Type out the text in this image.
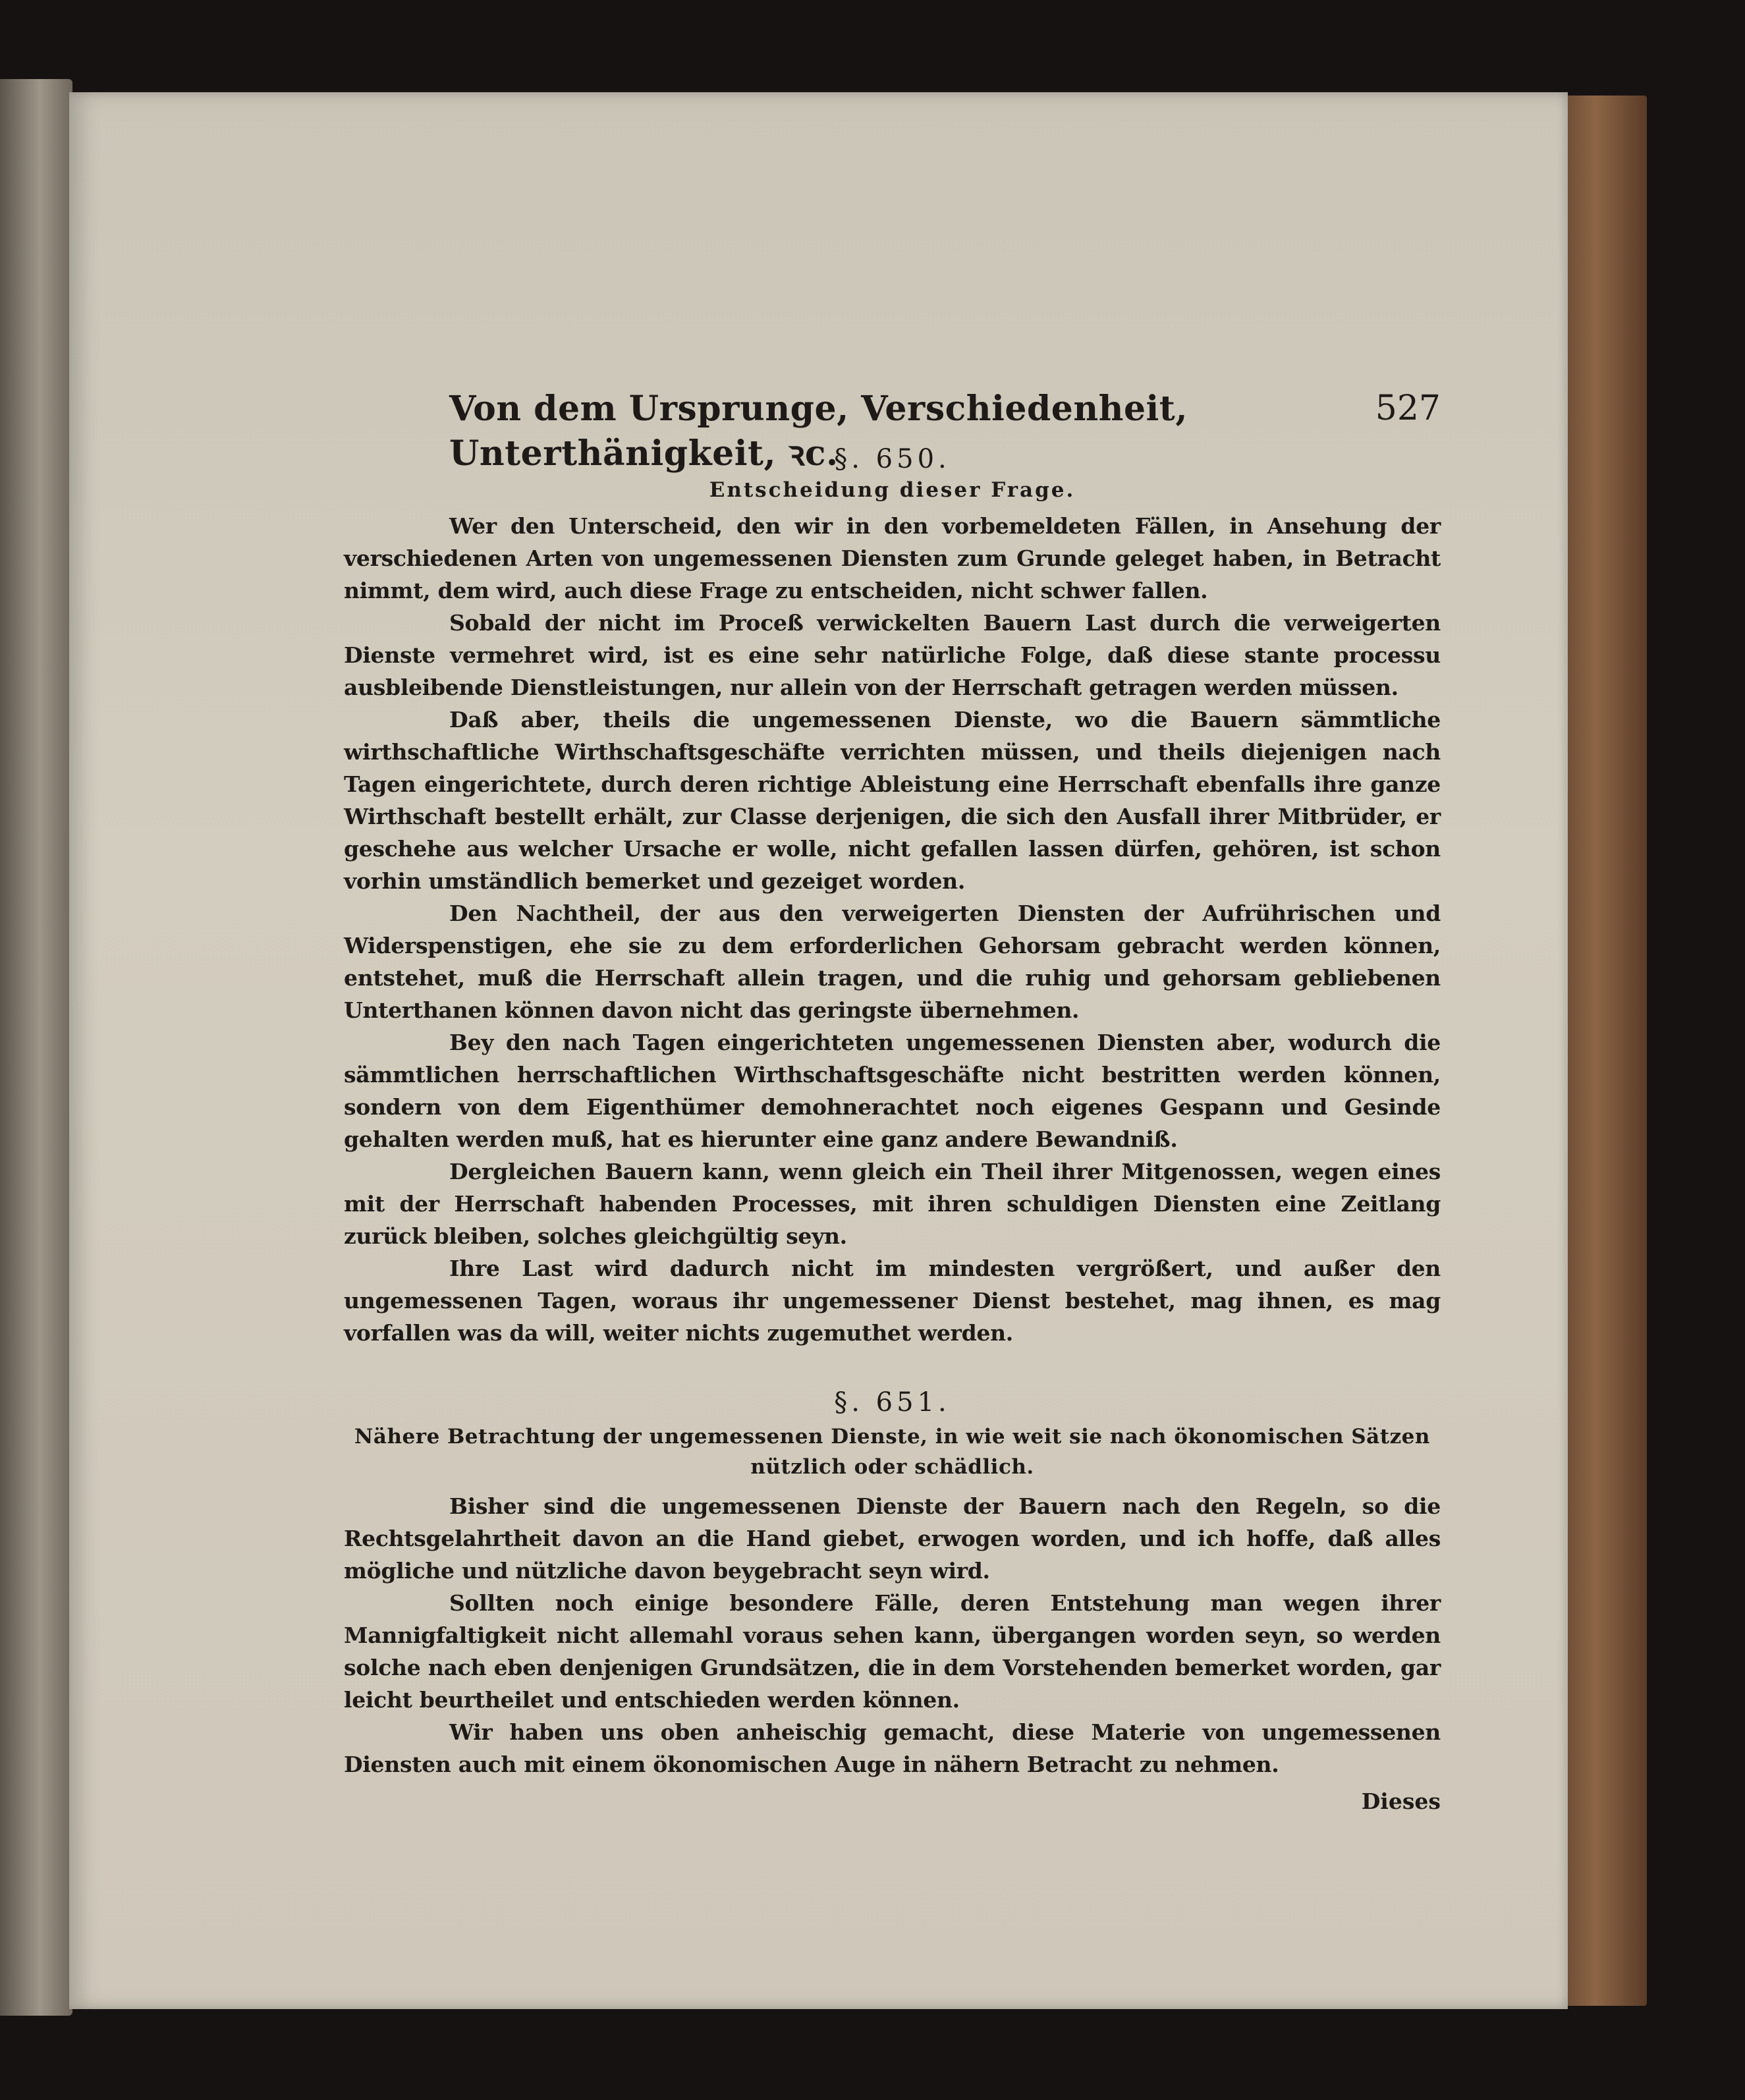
Von dem Ursprunge, Verschiedenheit, Unterthänigkeit, ꝛc.
527
§. 650.
Entscheidung dieser Frage.

Wer den Unterscheid, den wir in den vorbemeldeten Fällen, in Ansehung der verschiedenen Arten von ungemessenen Diensten zum Grunde geleget haben, in Betracht nimmt, dem wird, auch diese Frage zu entscheiden, nicht schwer fallen.

Sobald der nicht im Proceß verwickelten Bauern Last durch die verweigerten Dienste vermehret wird, ist es eine sehr natürliche Folge, daß diese stante processu ausbleibende Dienstleistungen, nur allein von der Herrschaft getragen werden müssen.

Daß aber, theils die ungemessenen Dienste, wo die Bauern sämmtliche wirthschaftliche Wirthschaftsgeschäfte verrichten müssen, und theils diejenigen nach Tagen eingerichtete, durch deren richtige Ableistung eine Herrschaft ebenfalls ihre ganze Wirthschaft bestellt erhält, zur Classe derjenigen, die sich den Ausfall ihrer Mitbrüder, er geschehe aus welcher Ursache er wolle, nicht gefallen lassen dürfen, gehören, ist schon vorhin umständlich bemerket und gezeiget worden.

Den Nachtheil, der aus den verweigerten Diensten der Aufrührischen und Widerspenstigen, ehe sie zu dem erforderlichen Gehorsam gebracht werden können, entstehet, muß die Herrschaft allein tragen, und die ruhig und gehorsam gebliebenen Unterthanen können davon nicht das geringste übernehmen.

Bey den nach Tagen eingerichteten ungemessenen Diensten aber, wodurch die sämmtlichen herrschaftlichen Wirthschaftsgeschäfte nicht bestritten werden können, sondern von dem Eigenthümer demohnerachtet noch eigenes Gespann und Gesinde gehalten werden muß, hat es hierunter eine ganz andere Bewandniß.

Dergleichen Bauern kann, wenn gleich ein Theil ihrer Mitgenossen, wegen eines mit der Herrschaft habenden Processes, mit ihren schuldigen Diensten eine Zeitlang zurück bleiben, solches gleichgültig seyn.

Ihre Last wird dadurch nicht im mindesten vergrößert, und außer den ungemessenen Tagen, woraus ihr ungemessener Dienst bestehet, mag ihnen, es mag vorfallen was da will, weiter nichts zugemuthet werden.

§. 651.
Nähere Betrachtung der ungemessenen Dienste, in wie weit sie nach ökonomischen Sätzen nützlich oder schädlich.

Bisher sind die ungemessenen Dienste der Bauern nach den Regeln, so die Rechtsgelahrtheit davon an die Hand giebet, erwogen worden, und ich hoffe, daß alles mögliche und nützliche davon beygebracht seyn wird.

Sollten noch einige besondere Fälle, deren Entstehung man wegen ihrer Mannigfaltigkeit nicht allemahl voraus sehen kann, übergangen worden seyn, so werden solche nach eben denjenigen Grundsätzen, die in dem Vorstehenden bemerket worden, gar leicht beurtheilet und entschieden werden können.

Wir haben uns oben anheischig gemacht, diese Materie von ungemessenen Diensten auch mit einem ökonomischen Auge in nähern Betracht zu nehmen.

Dieses
